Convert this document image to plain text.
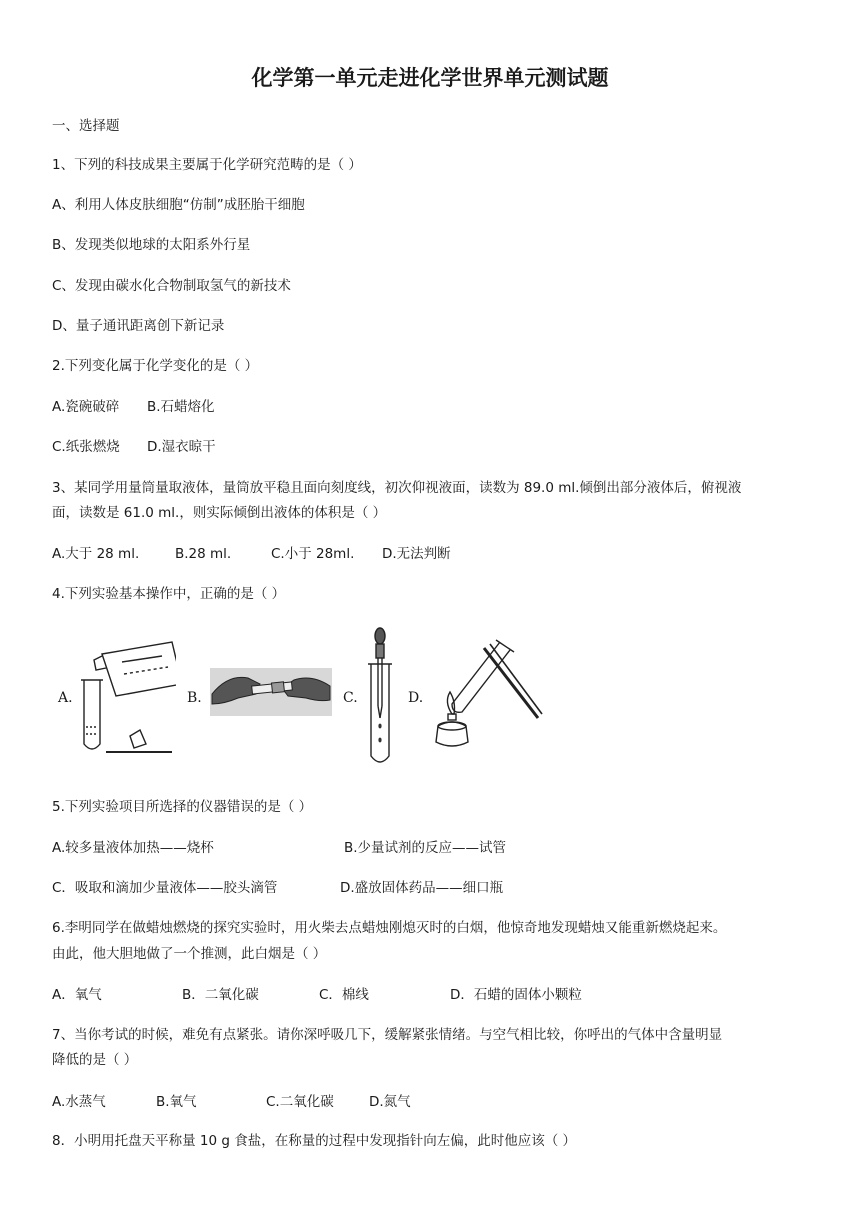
化学第一单元走进化学世界单元测试题
一、选择题
1、下列的科技成果主要属于化学研究范畴的是（ ）
A、利用人体皮肤细胞“仿制”成胚胎干细胞
B、发现类似地球的太阳系外行星
C、发现由碳水化合物制取氢气的新技术
D、量子通讯距离创下新记录
2.下列变化属于化学变化的是（ ）
A.瓷碗破碎 B.石蜡熔化
C.纸张燃烧 D.湿衣晾干
3、某同学用量筒量取液体，量筒放平稳且面向刻度线，初次仰视液面，读数为 89.0 ml.倾倒出部分液体后，俯视液
面，读数是 61.0 ml.，则实际倾倒出液体的体积是（ ）
A.大于 28 ml.	B.28 ml.	C.小于 28ml. D.无法判断
4.下列实验基本操作中，正确的是（ ）
A.	B.	C.	D.
5.下列实验项目所选择的仪器错误的是（ ）
A.较多量液体加热——烧杯	B.少量试剂的反应——试管
C．吸取和滴加少量液体——胶头滴管	D.盛放固体药品——细口瓶
6.李明同学在做蜡烛燃烧的探究实验时，用火柴去点蜡烛刚熄灭时的白烟，他惊奇地发现蜡烛又能重新燃烧起来。
由此，他大胆地做了一个推测，此白烟是（ ）
A．氧气	B．二氧化碳	C．棉线	D．石蜡的固体小颗粒
7、当你考试的时候，难免有点紧张。请你深呼吸几下，缓解紧张情绪。与空气相比较，你呼出的气体中含量明显
降低的是（ ）
A.水蒸气	B.氧气	C.二氧化碳	D.氮气
8．小明用托盘天平称量 10 g 食盐，在称量的过程中发现指针向左偏，此时他应该（ ）
